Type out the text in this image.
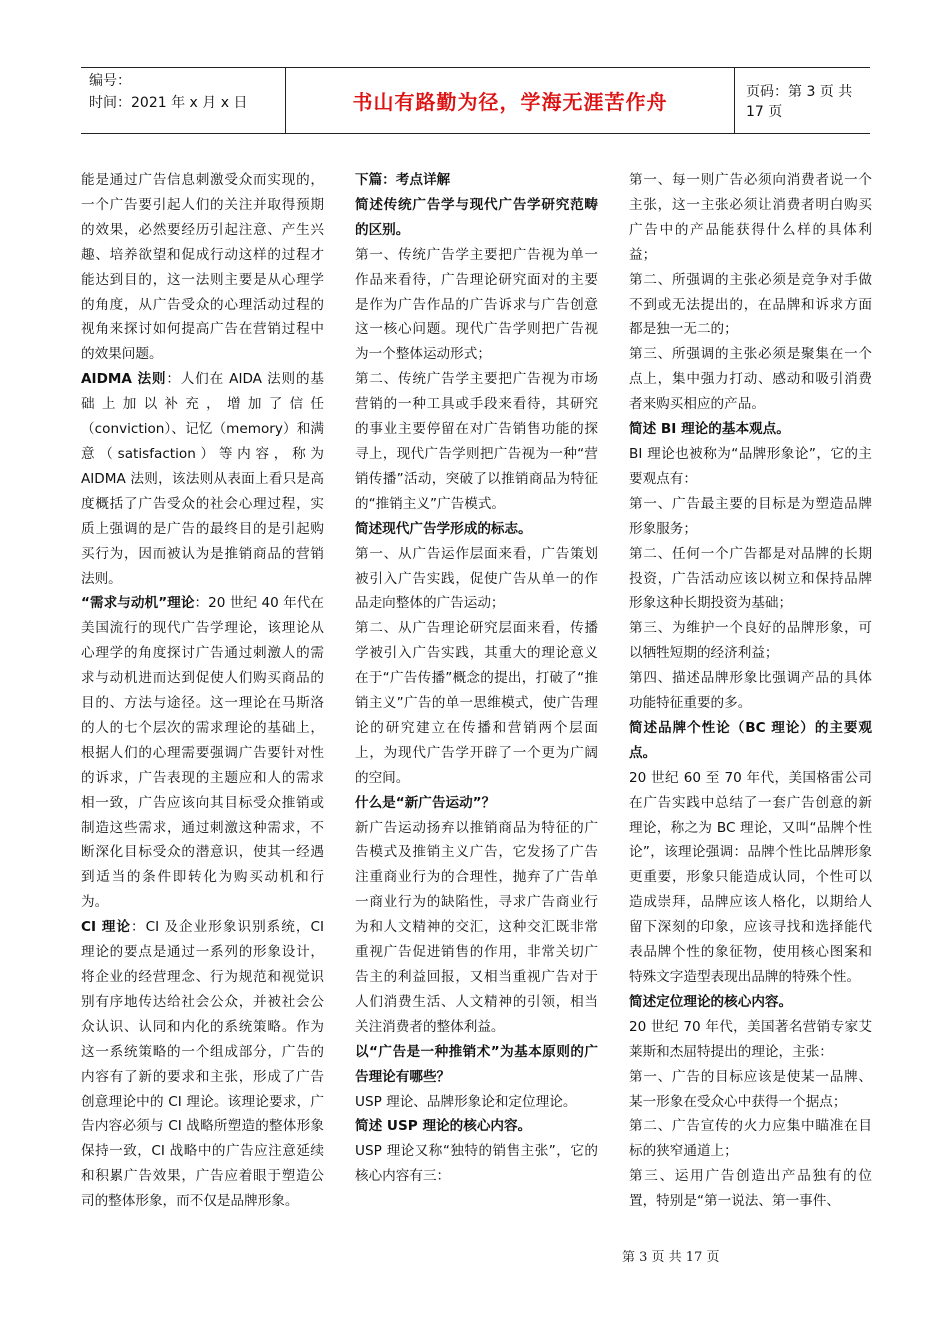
编号：
时间：2021 年 x 月 x 日	书山有路勤为径，学海无涯苦作舟	页码：第 3 页 共 17 页

能是通过广告信息刺激受众而实现的，一个广告要引起人们的关注并取得预期的效果，必然要经历引起注意、产生兴趣、培养欲望和促成行动这样的过程才能达到目的，这一法则主要是从心理学的角度，从广告受众的心理活动过程的视角来探讨如何提高广告在营销过程中的效果问题。

AIDMA 法则：人们在 AIDA 法则的基础上加以补充，增加了信任（conviction）、记忆（memory）和满意（satisfaction）等内容，称为 AIDMA 法则，该法则从表面上看只是高度概括了广告受众的社会心理过程，实质上强调的是广告的最终目的是引起购买行为，因而被认为是推销商品的营销法则。

“需求与动机”理论：20 世纪 40 年代在美国流行的现代广告学理论，该理论从心理学的角度探讨广告通过刺激人的需求与动机进而达到促使人们购买商品的目的、方法与途径。这一理论在马斯洛的人的七个层次的需求理论的基础上，根据人们的心理需要强调广告要针对性的诉求，广告表现的主题应和人的需求相一致，广告应该向其目标受众推销或制造这些需求，通过刺激这种需求，不断深化目标受众的潜意识，使其一经遇到适当的条件即转化为购买动机和行为。

CI 理论：CI 及企业形象识别系统，CI 理论的要点是通过一系列的形象设计，将企业的经营理念、行为规范和视觉识别有序地传达给社会公众，并被社会公众认识、认同和内化的系统策略。作为这一系统策略的一个组成部分，广告的内容有了新的要求和主张，形成了广告创意理论中的 CI 理论。该理论要求，广告内容必须与 CI 战略所塑造的整体形象保持一致，CI 战略中的广告应注意延续和积累广告效果，广告应着眼于塑造公司的整体形象，而不仅是品牌形象。

下篇：考点详解

简述传统广告学与现代广告学研究范畴的区别。

第一、传统广告学主要把广告视为单一作品来看待，广告理论研究面对的主要是作为广告作品的广告诉求与广告创意这一核心问题。现代广告学则把广告视为一个整体运动形式；

第二、传统广告学主要把广告视为市场营销的一种工具或手段来看待，其研究的事业主要停留在对广告销售功能的探寻上，现代广告学则把广告视为一种“营销传播”活动，突破了以推销商品为特征的“推销主义”广告模式。

简述现代广告学形成的标志。

第一、从广告运作层面来看，广告策划被引入广告实践，促使广告从单一的作品走向整体的广告运动；

第二、从广告理论研究层面来看，传播学被引入广告实践，其重大的理论意义在于“广告传播”概念的提出，打破了“推销主义”广告的单一思维模式，使广告理论的研究建立在传播和营销两个层面上，为现代广告学开辟了一个更为广阔的空间。

什么是“新广告运动”？

新广告运动扬弃以推销商品为特征的广告模式及推销主义广告，它发扬了广告注重商业行为的合理性，抛弃了广告单一商业行为的缺陷性，寻求广告商业行为和人文精神的交汇，这种交汇既非常重视广告促进销售的作用，非常关切广告主的利益回报，又相当重视广告对于人们消费生活、人文精神的引领，相当关注消费者的整体利益。

以“广告是一种推销术”为基本原则的广告理论有哪些？

USP 理论、品牌形象论和定位理论。

简述 USP 理论的核心内容。

USP 理论又称“独特的销售主张”，它的核心内容有三：

第一、每一则广告必须向消费者说一个主张，这一主张必须让消费者明白购买广告中的产品能获得什么样的具体利益；

第二、所强调的主张必须是竞争对手做不到或无法提出的，在品牌和诉求方面都是独一无二的；

第三、所强调的主张必须是聚集在一个点上，集中强力打动、感动和吸引消费者来购买相应的产品。

简述 BI 理论的基本观点。

BI 理论也被称为“品牌形象论”，它的主要观点有：

第一、广告最主要的目标是为塑造品牌形象服务；

第二、任何一个广告都是对品牌的长期投资，广告活动应该以树立和保持品牌形象这种长期投资为基础；

第三、为维护一个良好的品牌形象，可以牺牲短期的经济利益；

第四、描述品牌形象比强调产品的具体功能特征重要的多。

简述品牌个性论（BC 理论）的主要观点。

20 世纪 60 至 70 年代，美国格雷公司在广告实践中总结了一套广告创意的新理论，称之为 BC 理论，又叫“品牌个性论”，该理论强调：品牌个性比品牌形象更重要，形象只能造成认同，个性可以造成崇拜，品牌应该人格化，以期给人留下深刻的印象，应该寻找和选择能代表品牌个性的象征物，使用核心图案和特殊文字造型表现出品牌的特殊个性。

简述定位理论的核心内容。

20 世纪 70 年代，美国著名营销专家艾莱斯和杰屈特提出的理论，主张：

第一、广告的目标应该是使某一品牌、某一形象在受众心中获得一个据点；

第二、广告宣传的火力应集中瞄准在目标的狭窄通道上；

第三、运用广告创造出产品独有的位置，特别是“第一说法、第一事件、

第 3 页 共 17 页
